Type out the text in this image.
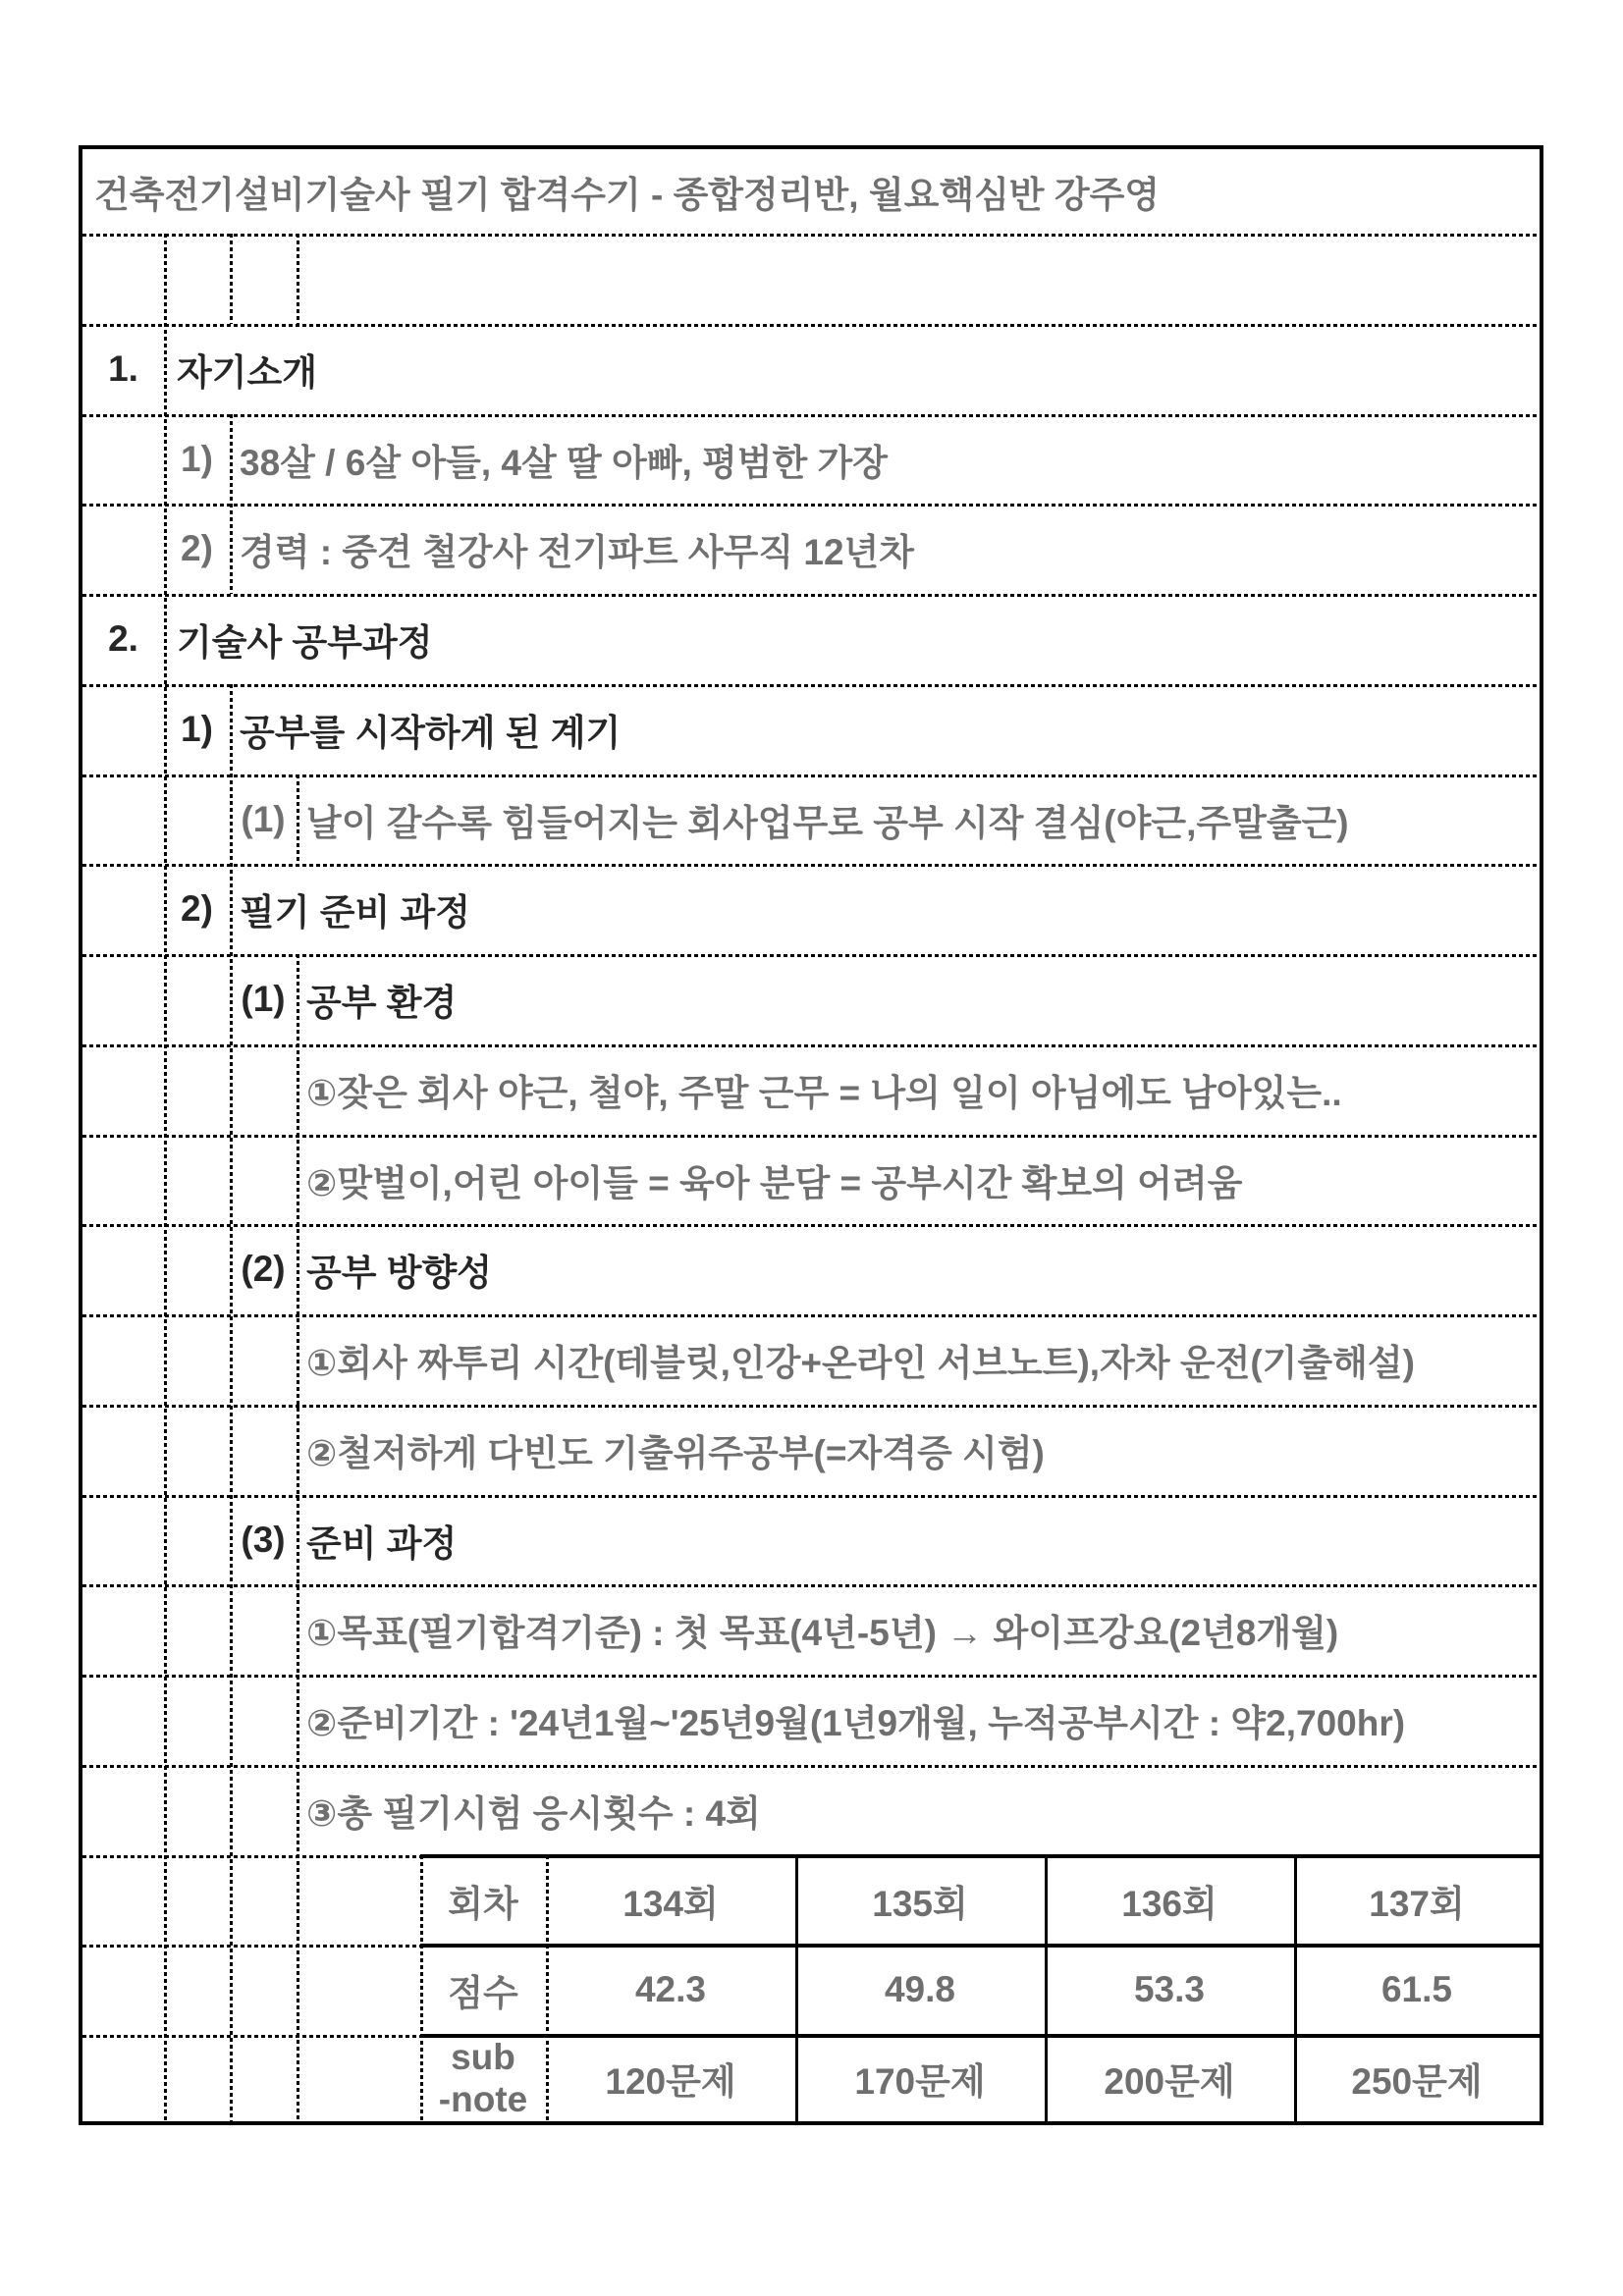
건축전기설비기술사 필기 합격수기 - 종합정리반, 월요핵심반 강주영
1.	자기소개
1) 38살 / 6살 아들, 4살 딸 아빠, 평범한 가장
2) 경력 : 중견 철강사 전기파트 사무직 12년차
2.	기술사 공부과정
1) 공부를 시작하게 된 계기
(1) 날이 갈수록 힘들어지는 회사업무로 공부 시작 결심(야근,주말출근)
2) 필기 준비 과정
(1) 공부 환경
①잦은 회사 야근, 철야, 주말 근무 = 나의 일이 아님에도 남아있는..
②맞벌이,어린 아이들 = 육아 분담 = 공부시간 확보의 어려움
(2) 공부 방향성
①회사 짜투리 시간(테블릿,인강+온라인 서브노트),자차 운전(기출해설)
②철저하게 다빈도 기출위주공부(=자격증 시험)
(3) 준비 과정
①목표(필기합격기준) : 첫 목표(4년-5년) → 와이프강요(2년8개월)
②준비기간 : '24년1월~'25년9월(1년9개월, 누적공부시간 : 약2,700hr)
③총 필기시험 응시횟수 : 4회
회차	134회	135회	136회	137회
점수	42.3	49.8	53.3	61.5
sub
-note	120문제	170문제	200문제	250문제
